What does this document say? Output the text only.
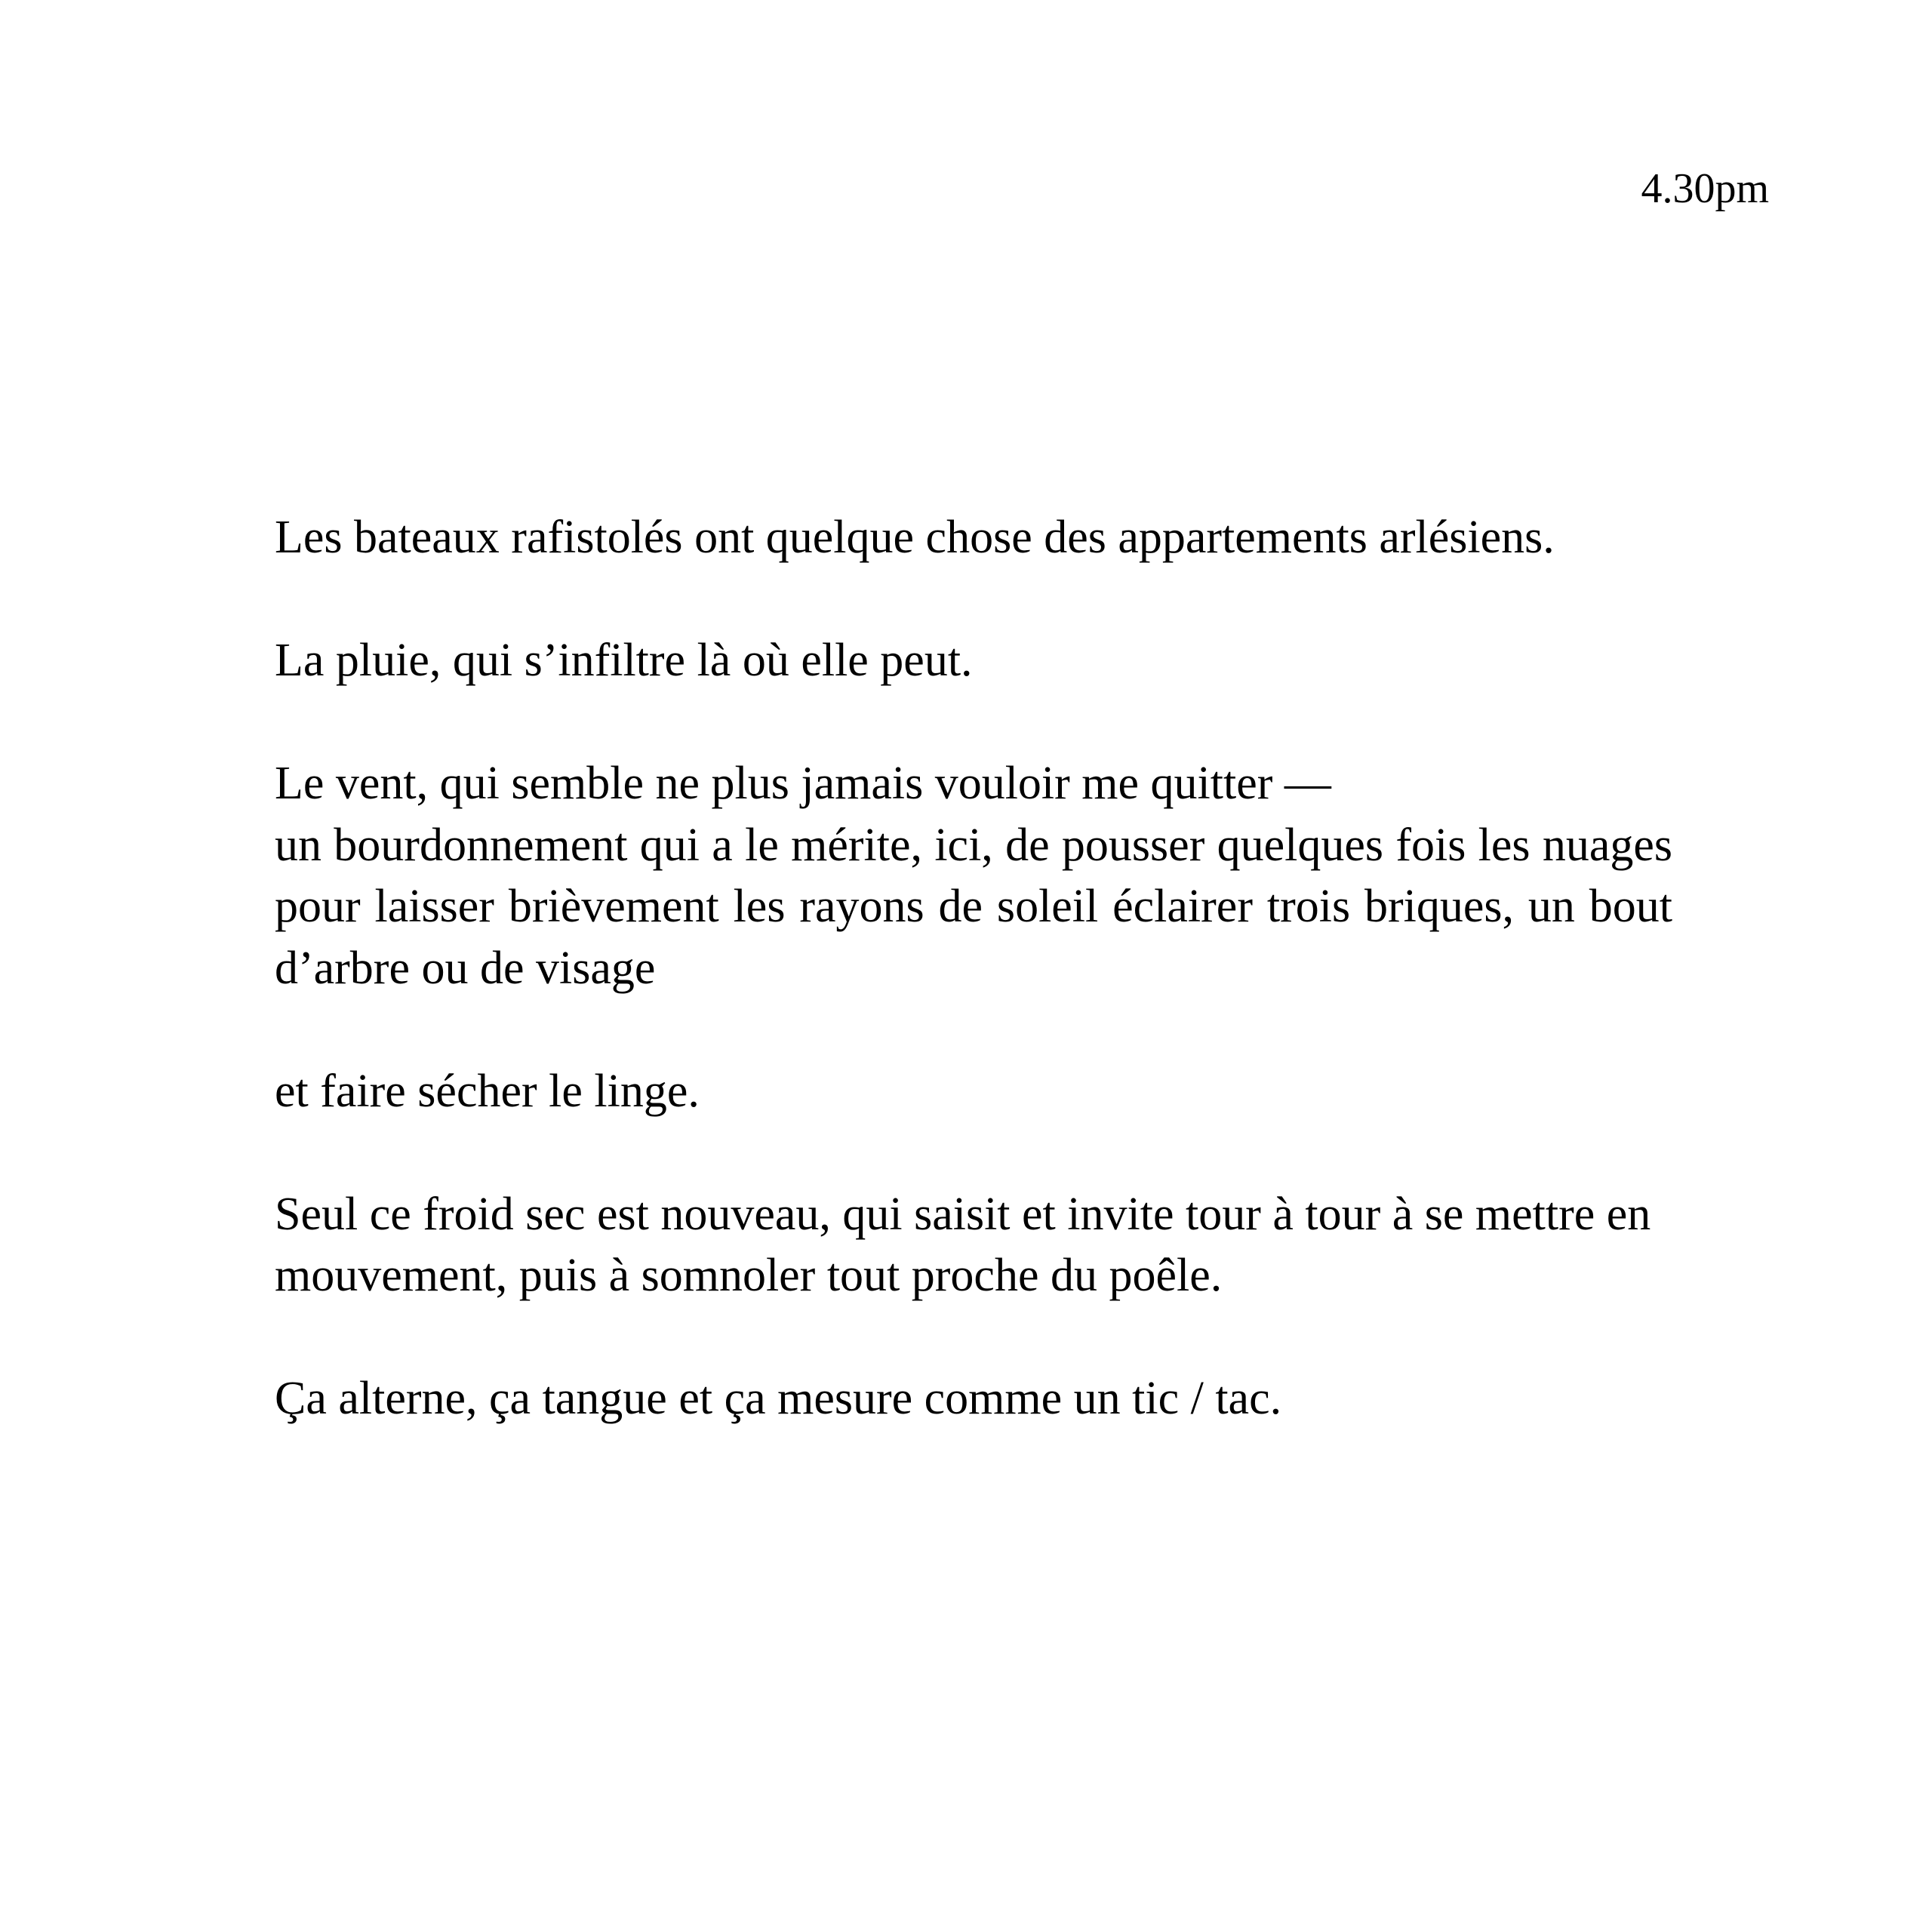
4.30pm

Les bateaux rafistolés ont quelque chose des appartements arlésiens.

La pluie, qui s’infiltre là où elle peut.

Le vent, qui semble ne plus jamais vouloir me quitter —
un bourdonnement qui a le mérite, ici, de pousser quelques fois les nuages pour laisser brièvement les rayons de soleil éclairer trois briques, un bout d’arbre ou de visage

et faire sécher le linge.

Seul ce froid sec est nouveau, qui saisit et invite tour à tour à se mettre en mouvement, puis à somnoler tout proche du poêle.

Ça alterne, ça tangue et ça mesure comme un tic / tac.
